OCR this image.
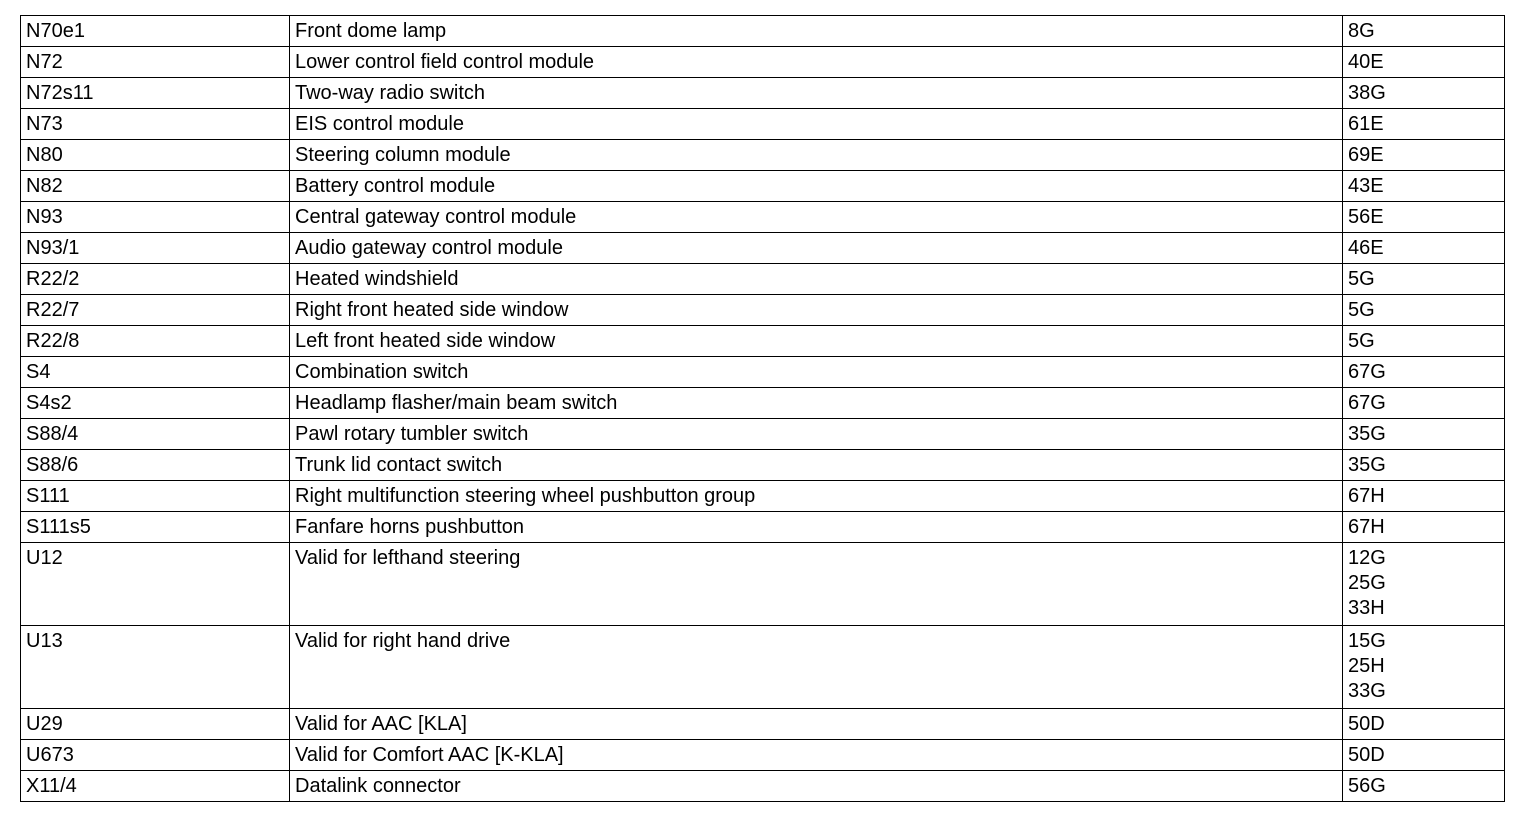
N70e1	Front dome lamp	8G

N72	Lower control field control module	40E

N72s11	Two-way radio switch	38G

N73	EIS control module	61E

N80	Steering column module	69E

N82	Battery control module	43E

N93	Central gateway control module	56E

N93/1	Audio gateway control module	46E

R22/2	Heated windshield	5G

R22/7	Right front heated side window	5G

R22/8	Left front heated side window	5G

S4	Combination switch	67G

S4s2	Headlamp flasher/main beam switch	67G

S88/4	Pawl rotary tumbler switch	35G

S88/6	Trunk lid contact switch	35G

S111	Right multifunction steering wheel pushbutton group	67H

S111s5	Fanfare horns pushbutton	67H

U12	Valid for lefthand steering	12G
25G
33H

U13	Valid for right hand drive	15G
25H
33G

U29	Valid for AAC [KLA]	50D

U673	Valid for Comfort AAC [K-KLA]	50D

X11/4	Datalink connector	56G
